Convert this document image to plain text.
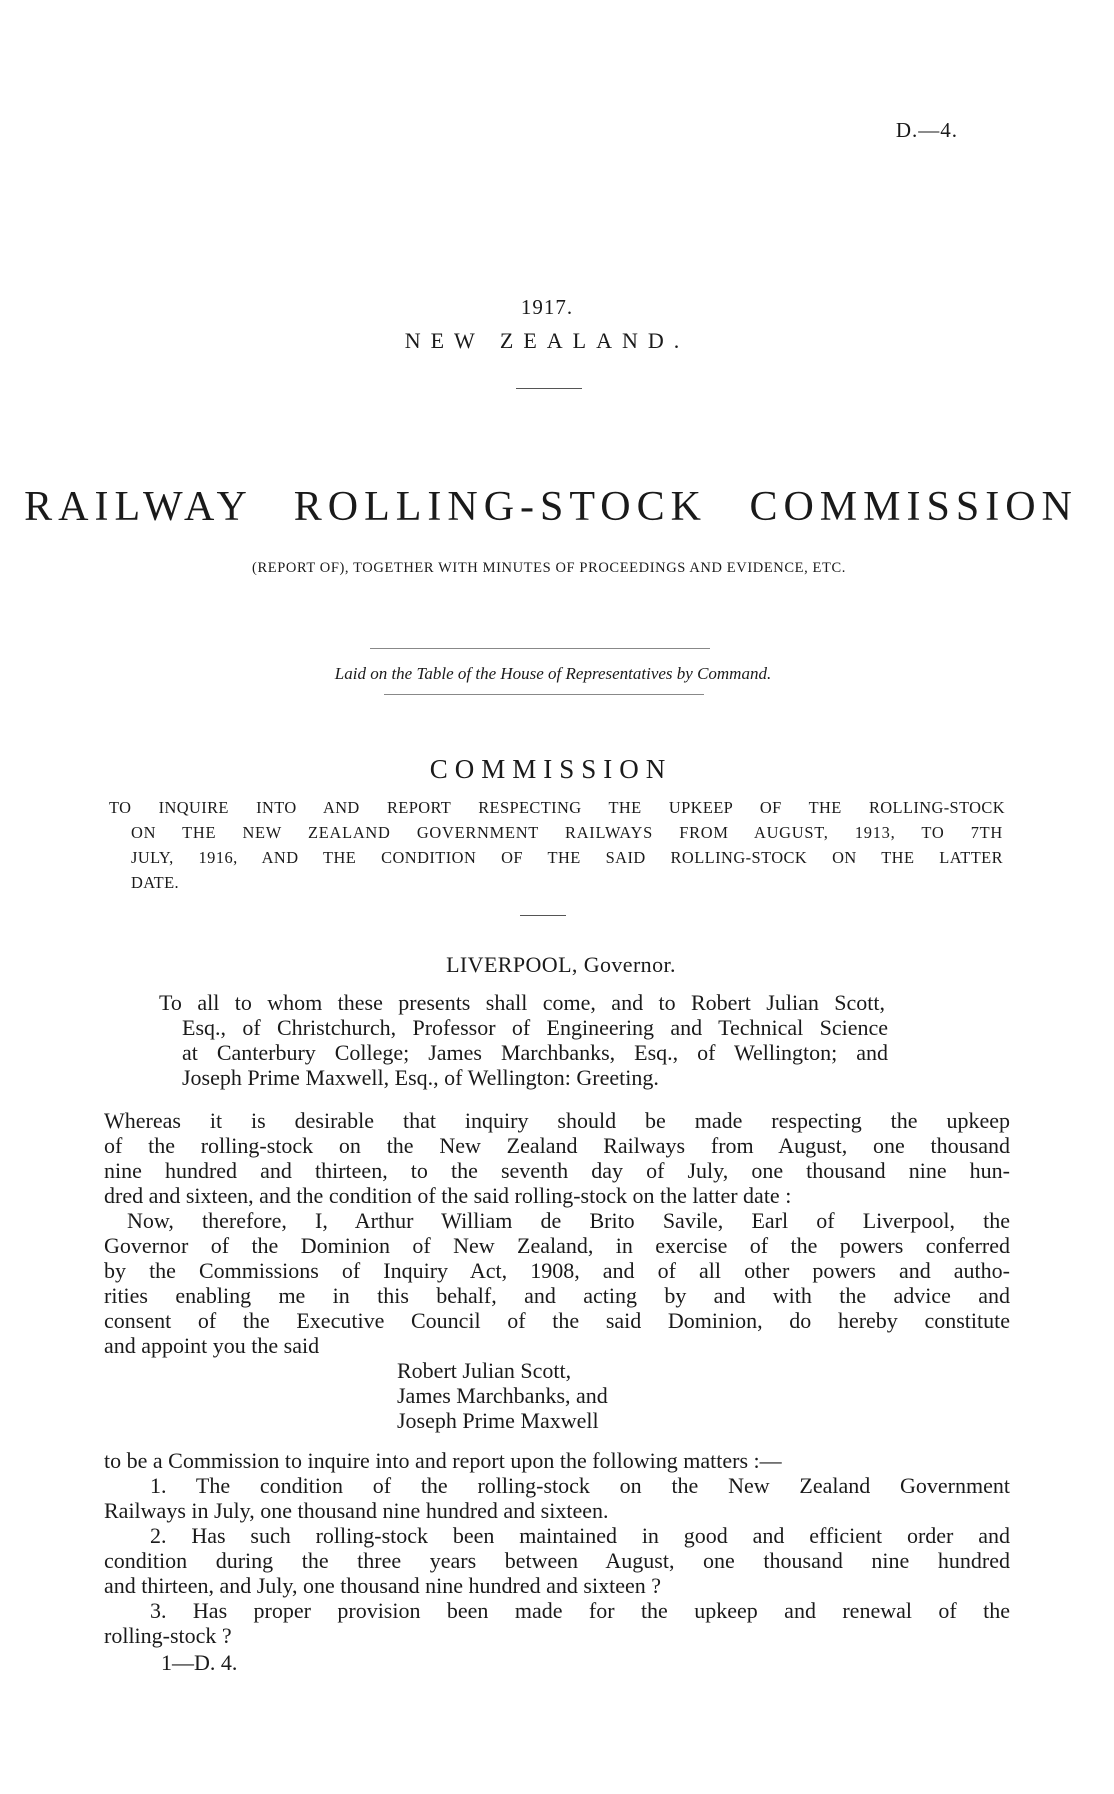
D.—4.
1917.
NEW ZEALAND.
RAILWAY ROLLING-STOCK COMMISSION
(REPORT OF), TOGETHER WITH MINUTES OF PROCEEDINGS AND EVIDENCE, ETC.
Laid on the Table of the House of Representatives by Command.
COMMISSION
TO INQUIRE INTO AND REPORT RESPECTING THE UPKEEP OF THE ROLLING-STOCK
ON THE NEW ZEALAND GOVERNMENT RAILWAYS FROM AUGUST, 1913, TO 7TH
JULY, 1916, AND THE CONDITION OF THE SAID ROLLING-STOCK ON THE LATTER
DATE.
LIVERPOOL, Governor.
To all to whom these presents shall come, and to Robert Julian Scott,
Esq., of Christchurch, Professor of Engineering and Technical Science
at Canterbury College; James Marchbanks, Esq., of Wellington; and
Joseph Prime Maxwell, Esq., of Wellington: Greeting.
Whereas it is desirable that inquiry should be made respecting the upkeep
of the rolling-stock on the New Zealand Railways from August, one thousand
nine hundred and thirteen, to the seventh day of July, one thousand nine hun-
dred and sixteen, and the condition of the said rolling-stock on the latter date :
Now, therefore, I, Arthur William de Brito Savile, Earl of Liverpool, the
Governor of the Dominion of New Zealand, in exercise of the powers conferred
by the Commissions of Inquiry Act, 1908, and of all other powers and autho-
rities enabling me in this behalf, and acting by and with the advice and
consent of the Executive Council of the said Dominion, do hereby constitute
and appoint you the said
Robert Julian Scott,
James Marchbanks, and
Joseph Prime Maxwell
to be a Commission to inquire into and report upon the following matters :—
1. The condition of the rolling-stock on the New Zealand Government
Railways in July, one thousand nine hundred and sixteen.
2. Has such rolling-stock been maintained in good and efficient order and
condition during the three years between August, one thousand nine hundred
and thirteen, and July, one thousand nine hundred and sixteen ?
3. Has proper provision been made for the upkeep and renewal of the
rolling-stock ?
1—D. 4.
